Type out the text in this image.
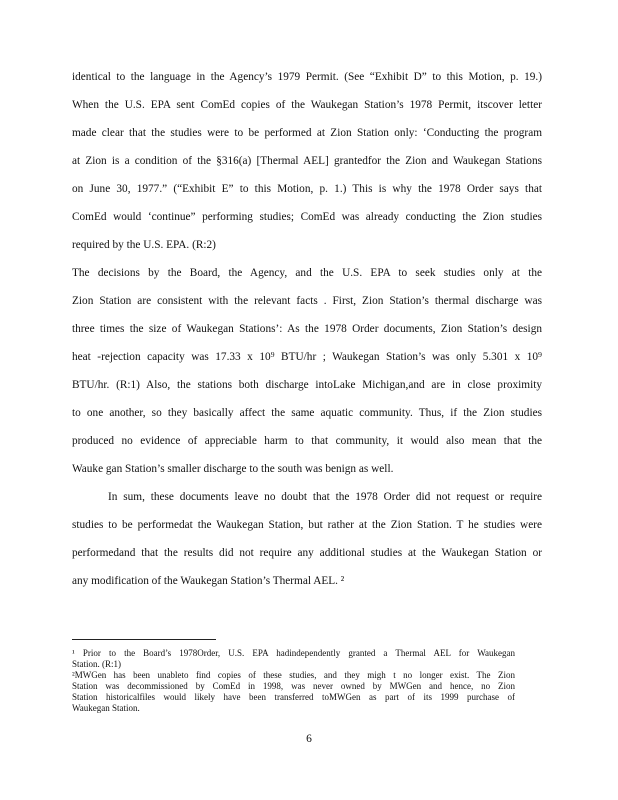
identical to the language in the Agency’s 1979 Permit. (See “Exhibit D” to this Motion, p. 19.)
When the U.S. EPA sent ComEd copies of the Waukegan Station’s 1978 Permit, itscover letter
made clear that the studies were to be performed at Zion Station only: ‘Conducting the program
at Zion is a condition of the §316(a) [Thermal AEL] grantedfor the Zion and Waukegan Stations
on June 30, 1977.” (“Exhibit E” to this Motion, p. 1.) This is why the 1978 Order says that
ComEd would ‘continue” performing studies; ComEd was already conducting the Zion studies
required by the U.S. EPA. (R:2)
The decisions by the Board, the Agency, and the U.S. EPA to seek studies only at the
Zion Station are consistent with the relevant facts . First, Zion Station’s thermal discharge was
three times the size of Waukegan Stations’: As the 1978 Order documents, Zion Station’s design
heat -rejection capacity was 17.33 x 10⁹ BTU/hr ; Waukegan Station’s was only 5.301 x 10⁹
BTU/hr. (R:1) Also, the stations both discharge intoLake Michigan,and are in close proximity
to one another, so they basically affect the same aquatic community. Thus, if the Zion studies
produced no evidence of appreciable harm to that community, it would also mean that the
Wauke gan Station’s smaller discharge to the south was benign as well.
In sum, these documents leave no doubt that the 1978 Order did not request or require
studies to be performedat the Waukegan Station, but rather at the Zion Station. T he studies were
performedand that the results did not require any additional studies at the Waukegan Station or
any modification of the Waukegan Station’s Thermal AEL. ²
¹ Prior to the Board’s 1978Order, U.S. EPA hadindependently granted a Thermal AEL for Waukegan
Station. (R:1)
²MWGen has been unableto find copies of these studies, and they migh t no longer exist. The Zion
Station was decommissioned by ComEd in 1998, was never owned by MWGen and hence, no Zion
Station historicalfiles would likely have been transferred toMWGen as part of its 1999 purchase of
Waukegan Station.
6
